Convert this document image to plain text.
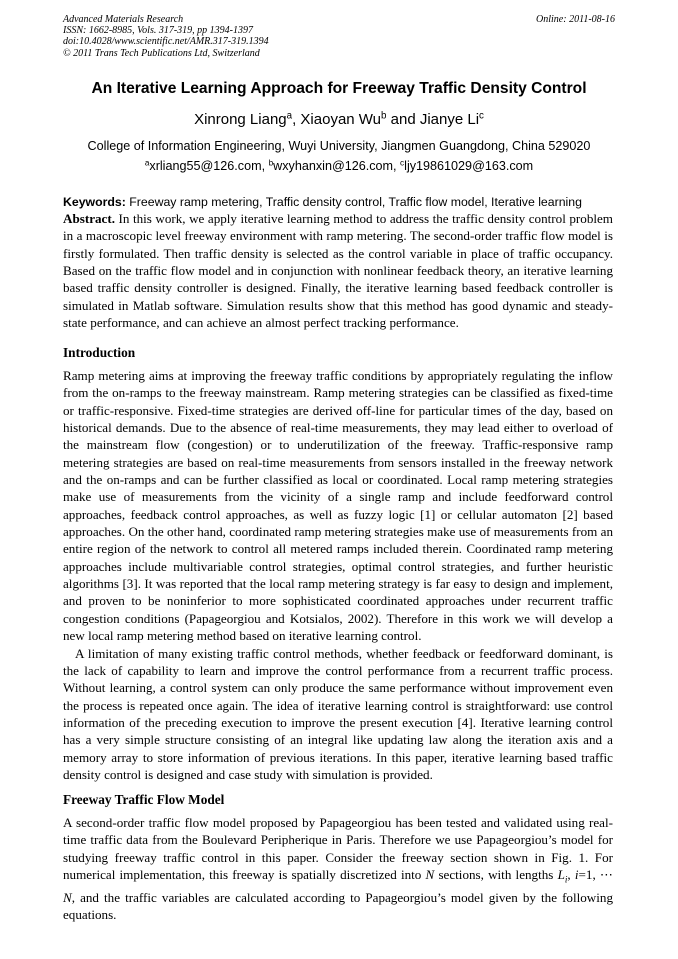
Advanced Materials Research
ISSN: 1662-8985, Vols. 317-319, pp 1394-1397
doi:10.4028/www.scientific.net/AMR.317-319.1394
© 2011 Trans Tech Publications Ltd, Switzerland
Online: 2011-08-16
An Iterative Learning Approach for Freeway Traffic Density Control
Xinrong Liang$^a$, Xiaoyan Wu$^b$ and Jianye Li$^c$
College of Information Engineering, Wuyi University, Jiangmen Guangdong, China 529020
$^a$xrliang55@126.com, $^b$wxyhanxin@126.com, $^c$ljy19861029@163.com
Keywords: Freeway ramp metering, Traffic density control, Traffic flow model, Iterative learning

Abstract. In this work, we apply iterative learning method to address the traffic density control problem in a macroscopic level freeway environment with ramp metering. The second-order traffic flow model is firstly formulated. Then traffic density is selected as the control variable in place of traffic occupancy. Based on the traffic flow model and in conjunction with nonlinear feedback theory, an iterative learning based traffic density controller is designed. Finally, the iterative learning based feedback controller is simulated in Matlab software. Simulation results show that this method has good dynamic and steady-state performance, and can achieve an almost perfect tracking performance.

Introduction

Ramp metering aims at improving the freeway traffic conditions by appropriately regulating the inflow from the on-ramps to the freeway mainstream. Ramp metering strategies can be classified as fixed-time or traffic-responsive. Fixed-time strategies are derived off-line for particular times of the day, based on historical demands. Due to the absence of real-time measurements, they may lead either to overload of the mainstream flow (congestion) or to underutilization of the freeway. Traffic-responsive ramp metering strategies are based on real-time measurements from sensors installed in the freeway network and the on-ramps and can be further classified as local or coordinated. Local ramp metering strategies make use of measurements from the vicinity of a single ramp and include feedforward control approaches, feedback control approaches, as well as fuzzy logic [1] or cellular automaton [2] based approaches. On the other hand, coordinated ramp metering strategies make use of measurements from an entire region of the network to control all metered ramps included therein. Coordinated ramp metering approaches include multivariable control strategies, optimal control strategies, and further heuristic algorithms [3]. It was reported that the local ramp metering strategy is far easy to design and implement, and proven to be noninferior to more sophisticated coordinated approaches under recurrent traffic congestion conditions (Papageorgiou and Kotsialos, 2002). Therefore in this work we will develop a new local ramp metering method based on iterative learning control.

A limitation of many existing traffic control methods, whether feedback or feedforward dominant, is the lack of capability to learn and improve the control performance from a recurrent traffic process. Without learning, a control system can only produce the same performance without improvement even the process is repeated once again. The idea of iterative learning control is straightforward: use control information of the preceding execution to improve the present execution [4]. Iterative learning control has a very simple structure consisting of an integral like updating law along the iteration axis and a memory array to store information of previous iterations. In this paper, iterative learning based traffic density control is designed and case study with simulation is provided.

Freeway Traffic Flow Model

A second-order traffic flow model proposed by Papageorgiou has been tested and validated using real-time traffic data from the Boulevard Peripherique in Paris. Therefore we use Papageorgiou’s model for studying freeway traffic control in this paper. Consider the freeway section shown in Fig. 1. For numerical implementation, this freeway is spatially discretized into N sections, with lengths $L_i$, i=1, ⋯ N, and the traffic variables are calculated according to Papageorgiou’s model given by the following equations.
